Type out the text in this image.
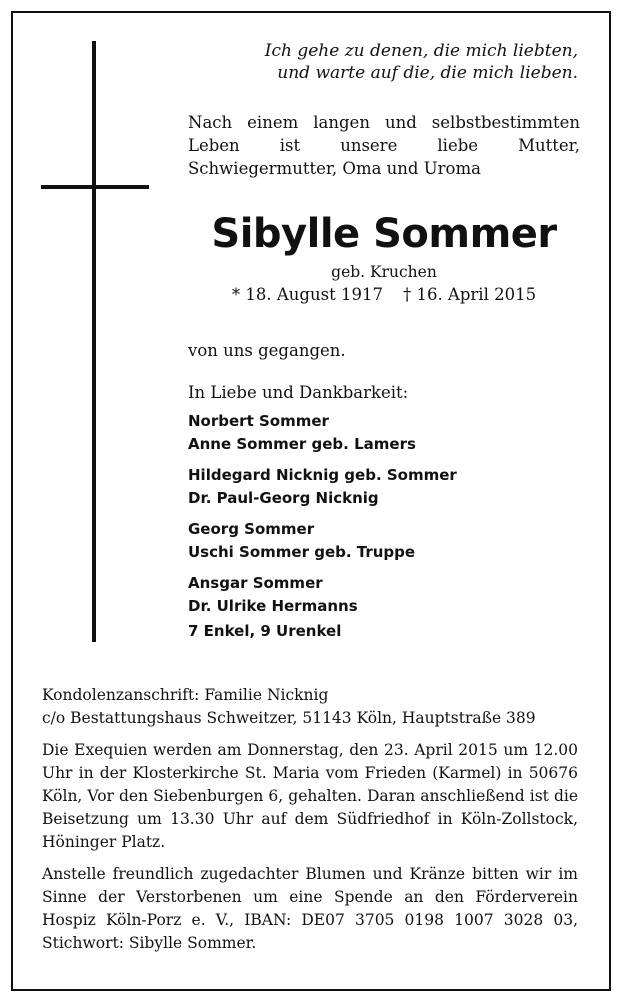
Ich gehe zu denen, die mich liebten,
und warte auf die, die mich lieben.
Nach einem langen und selbstbestimmten Leben ist unsere liebe Mutter, Schwiegermutter, Oma und Uroma
Sibylle Sommer
geb. Kruchen
* 18. August 1917 † 16. April 2015
von uns gegangen.
In Liebe und Dankbarkeit:
Norbert Sommer
Anne Sommer geb. Lamers
Hildegard Nicknig geb. Sommer
Dr. Paul-Georg Nicknig
Georg Sommer
Uschi Sommer geb. Truppe
Ansgar Sommer
Dr. Ulrike Hermanns
7 Enkel, 9 Urenkel
Kondolenzanschrift: Familie Nicknig
c/o Bestattungshaus Schweitzer, 51143 Köln, Hauptstraße 389

Die Exequien werden am Donnerstag, den 23. April 2015 um 12.00 Uhr in der Klosterkirche St. Maria vom Frieden (Karmel) in 50676 Köln, Vor den Siebenburgen 6, gehalten. Daran anschließend ist die Beisetzung um 13.30 Uhr auf dem Südfriedhof in Köln-Zollstock, Höninger Platz.

Anstelle freundlich zugedachter Blumen und Kränze bitten wir im Sinne der Verstorbenen um eine Spende an den Förderverein Hospiz Köln-Porz e. V., IBAN: DE07 3705 0198 1007 3028 03, Stichwort: Sibylle Sommer.
